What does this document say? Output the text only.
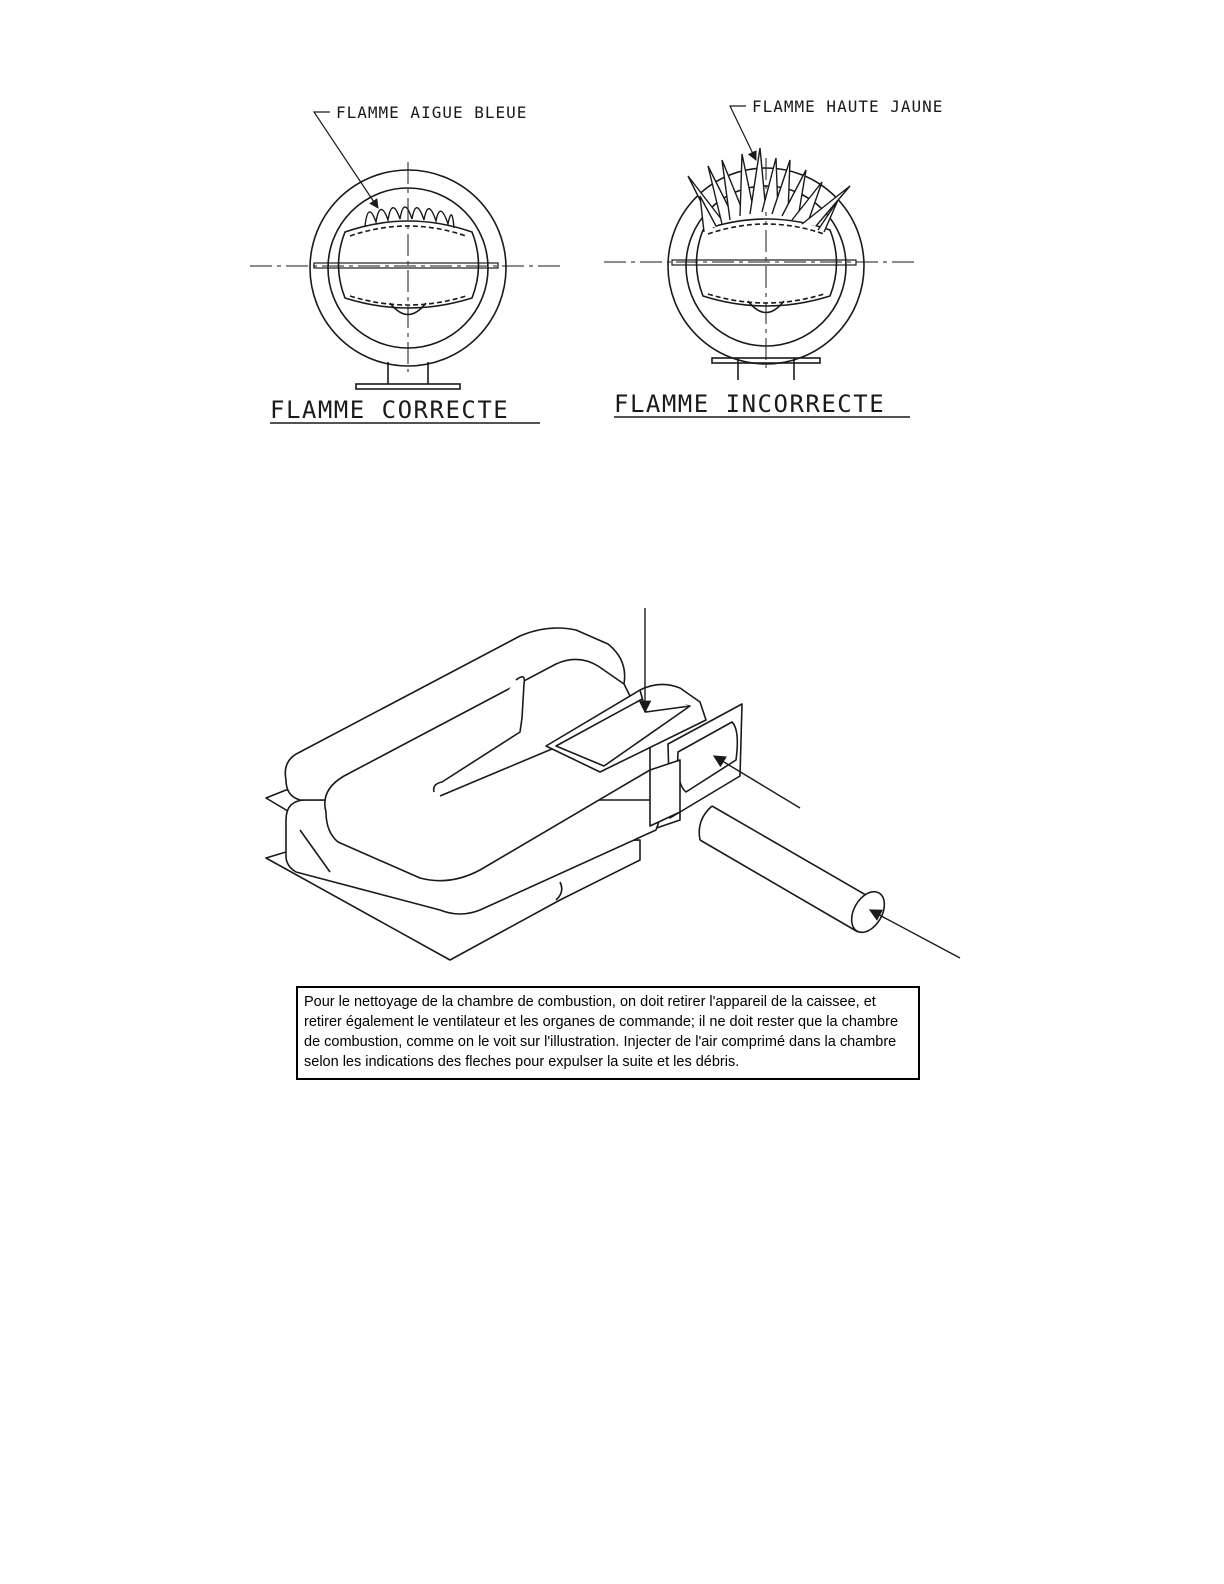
FLAMME AIGUE BLEUE
FLAMME CORRECTE
FLAMME HAUTE JAUNE
FLAMME INCORRECTE
Pour le nettoyage de la chambre de combustion, on doit retirer l'appareil de la caissee, et retirer également le ventilateur et les organes de commande; il ne doit rester que la chambre de combustion, comme on le voit sur l'illustration. Injecter de l'air comprimé dans la chambre selon les indications des fleches pour expulser la suite et les débris.
